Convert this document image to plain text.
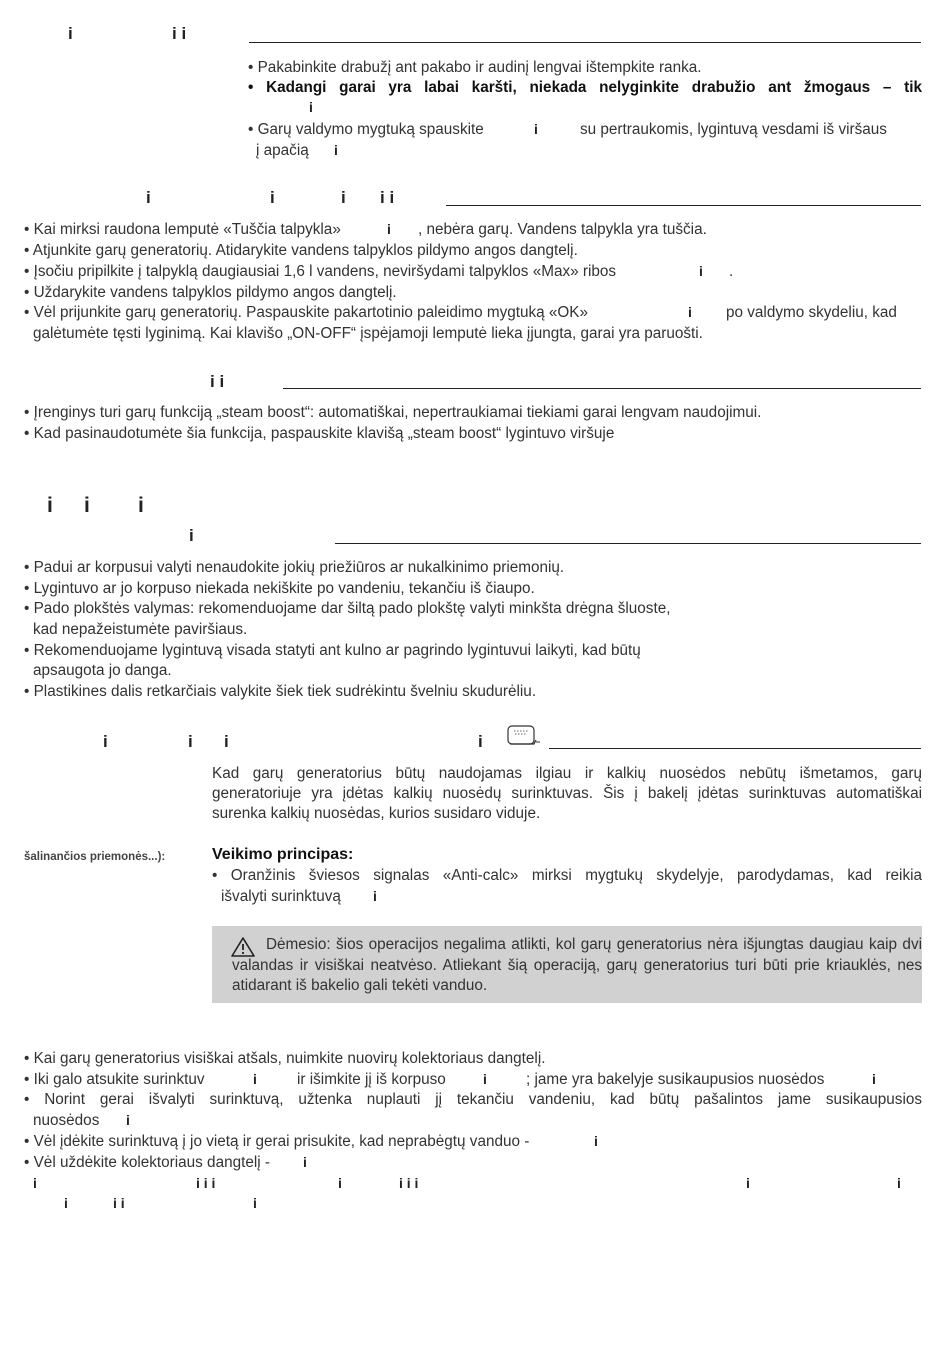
i	i i
• Pakabinkite drabužį ant pakabo ir audinį lengvai ištempkite ranka.
• Kadangi garai yra labai karšti, niekada nelyginkite drabužio ant žmogaus – tik
i
• Garų valdymo mygtuką spauskite	i	su pertraukomis, lygintuvą vesdami iš viršaus
į apačią i
i	i	i i i
• Kai mirksi raudona lemputė «Tuščia talpykla»	i , nebėra garų. Vandens talpykla yra tuščia.
• Atjunkite garų generatorių. Atidarykite vandens talpyklos pildymo angos dangtelį.
• Įsočiu pripilkite į talpyklą daugiausiai 1,6 l vandens, neviršydami talpyklos «Max» ribos	i .
• Uždarykite vandens talpyklos pildymo angos dangtelį.
• Vėl prijunkite garų generatorių. Paspauskite pakartotinio paleidimo mygtuką «OK»	i po valdymo skydeliu, kad
galėtumėte tęsti lyginimą. Kai klavišo „ON-OFF“ įspėjamoji lemputė lieka įjungta, garai yra paruošti.
i i
• Įrenginys turi garų funkciją „steam boost“: automatiškai, nepertraukiamai tiekiami garai lengvam naudojimui.
• Kad pasinaudotumėte šia funkcija, paspauskite klavišą „steam boost“ lygintuvo viršuje
i i i
i
• Padui ar korpusui valyti nenaudokite jokių priežiūros ar nukalkinimo priemonių.
• Lygintuvo ar jo korpuso niekada nekiškite po vandeniu, tekančiu iš čiaupo.
• Pado plokštės valymas: rekomenduojame dar šiltą pado plokštę valyti minkšta drėgna šluoste,
kad nepažeistumėte paviršiaus.
• Rekomenduojame lygintuvą visada statyti ant kulno ar pagrindo lygintuvui laikyti, kad būtų
apsaugota jo danga.
• Plastikines dalis retkarčiais valykite šiek tiek sudrėkintu švelniu skudurėliu.
i	i i	i
Kad garų generatorius būtų naudojamas ilgiau ir kalkių nuosėdos nebūtų išmetamos, garų
generatoriuje yra įdėtas kalkių nuosėdų surinktuvas. Šis į bakelį įdėtas surinktuvas automatiškai
surenka kalkių nuosėdas, kurios susidaro viduje.
šalinančios priemonės...):	Veikimo principas:
• Oranžinis šviesos signalas «Anti-calc» mirksi mygtukų skydelyje, parodydamas, kad reikia
išvalyti surinktuvą i
Dėmesio: šios operacijos negalima atlikti, kol garų generatorius nėra išjungtas daugiau kaip dvi valandas ir visiškai neatvėso. Atliekant šią operaciją, garų generatorius turi būti prie kriauklės, nes atidarant iš bakelio gali tekėti vanduo.
• Kai garų generatorius visiškai atšals, nuimkite nuovirų kolektoriaus dangtelį.
• Iki galo atsukite surinktuv	i	ir išimkite jį iš korpuso	i	; jame yra bakelyje susikaupusios nuosėdos	i
• Norint gerai išvalyti surinktuvą, užtenka nuplauti jį tekančiu vandeniu, kad būtų pašalintos jame susikaupusios
nuosėdos i
• Vėl įdėkite surinktuvą į jo vietą ir gerai prisukite, kad neprabėgtų vanduo -	i
• Vėl uždėkite kolektoriaus dangtelį - i
i	i i i	i	i i i	i	i
i	i i	i
